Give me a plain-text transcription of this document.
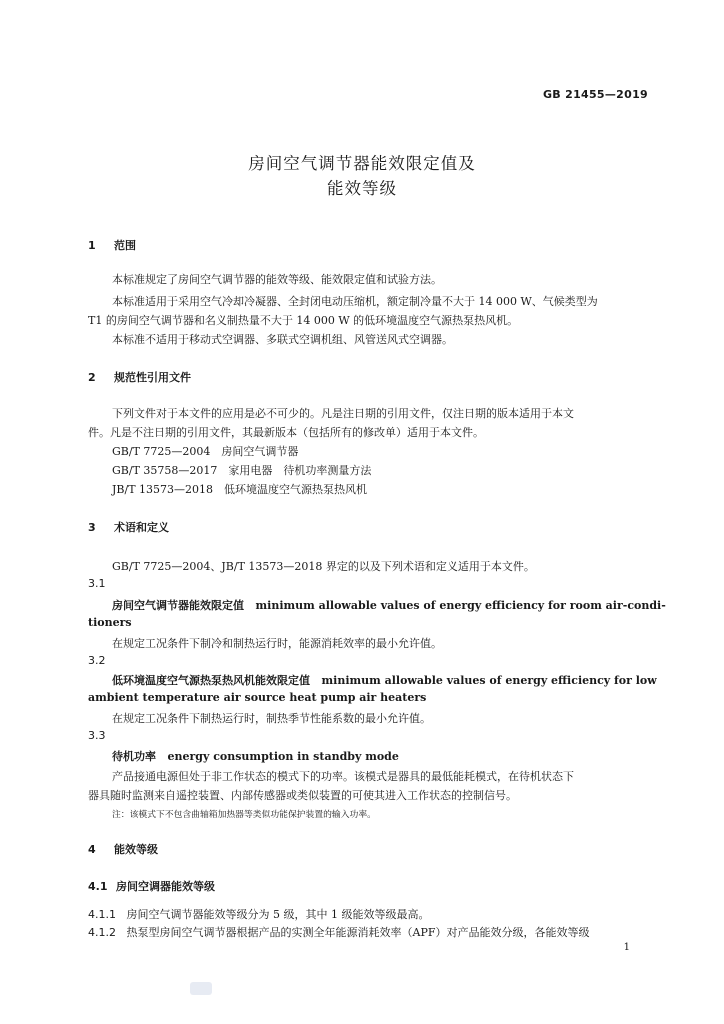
GB 21455—2019
房间空气调节器能效限定值及
能效等级
1 范围
本标准规定了房间空气调节器的能效等级、能效限定值和试验方法。
本标准适用于采用空气冷却冷凝器、全封闭电动压缩机，额定制冷量不大于 14 000 W、气候类型为
T1 的房间空气调节器和名义制热量不大于 14 000 W 的低环境温度空气源热泵热风机。
本标准不适用于移动式空调器、多联式空调机组、风管送风式空调器。
2 规范性引用文件
下列文件对于本文件的应用是必不可少的。凡是注日期的引用文件，仅注日期的版本适用于本文
件。凡是不注日期的引用文件，其最新版本（包括所有的修改单）适用于本文件。
GB/T 7725—2004　房间空气调节器
GB/T 35758—2017　家用电器　待机功率测量方法
JB/T 13573—2018　低环境温度空气源热泵热风机
3 术语和定义
GB/T 7725—2004、JB/T 13573—2018 界定的以及下列术语和定义适用于本文件。
3.1
房间空气调节器能效限定值 minimum allowable values of energy efficiency for room air-condi-
tioners
在规定工况条件下制冷和制热运行时，能源消耗效率的最小允许值。
3.2
低环境温度空气源热泵热风机能效限定值 minimum allowable values of energy efficiency for low
ambient temperature air source heat pump air heaters
在规定工况条件下制热运行时，制热季节性能系数的最小允许值。
3.3
待机功率 energy consumption in standby mode
产品接通电源但处于非工作状态的模式下的功率。该模式是器具的最低能耗模式，在待机状态下
器具随时监测来自遥控装置、内部传感器或类似装置的可使其进入工作状态的控制信号。
注：该模式下不包含曲轴箱加热器等类似功能保护装置的输入功率。
4 能效等级
4.1 房间空调器能效等级
4.1.1 房间空气调节器能效等级分为 5 级，其中 1 级能效等级最高。
4.1.2 热泵型房间空气调节器根据产品的实测全年能源消耗效率（APF）对产品能效分级，各能效等级
1
